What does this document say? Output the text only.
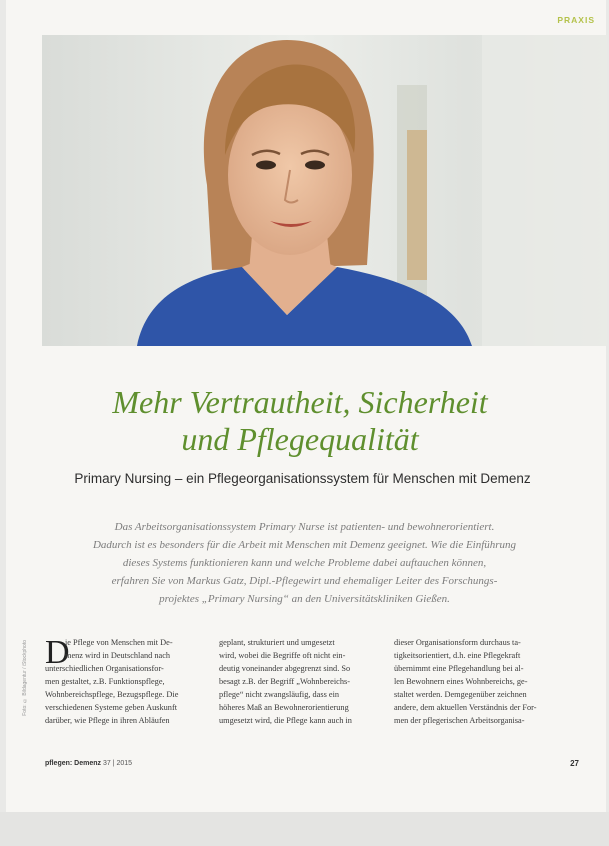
PRAXIS
Mehr Vertrautheit, Sicherheit
und Pflegequalität
Primary Nursing – ein Pflegeorganisationssystem für Menschen mit Demenz
Das Arbeitsorganisationssystem Primary Nurse ist patienten- und bewohnerorientiert.
Dadurch ist es besonders für die Arbeit mit Menschen mit Demenz geeignet. Wie die Einführung
dieses Systems funktionieren kann und welche Probleme dabei auftauchen können,
erfahren Sie von Markus Gatz, Dipl.-Pflegewirt und ehemaliger Leiter des Forschungs-
projektes „Primary Nursing“ an den Universitätskliniken Gießen.
Foto: © Bildagentur / iStockphoto D
ie Pflege von Menschen mit De-
menz wird in Deutschland nach
unterschiedlichen Organisationsfor-
men gestaltet, z.B. Funktionspflege,
Wohnbereichspflege, Bezugspflege. Die
verschiedenen Systeme geben Auskunft
darüber, wie Pflege in ihren Abläufen
geplant, strukturiert und umgesetzt
wird, wobei die Begriffe oft nicht ein-
deutig voneinander abgegrenzt sind. So
besagt z.B. der Begriff „Wohnbereichs-
pflege“ nicht zwangsläufig, dass ein
höheres Maß an Bewohnerorientierung
umgesetzt wird, die Pflege kann auch in
dieser Organisationsform durchaus ta-
tigkeitsorientiert, d.h. eine Pflegekraft
übernimmt eine Pflegehandlung bei al-
len Bewohnern eines Wohnbereichs, ge-
staltet werden. Demgegenüber zeichnen
andere, dem aktuellen Verständnis der For-
men der pflegerischen Arbeitsorganisa-
pflegen: Demenz 37 | 2015	27
